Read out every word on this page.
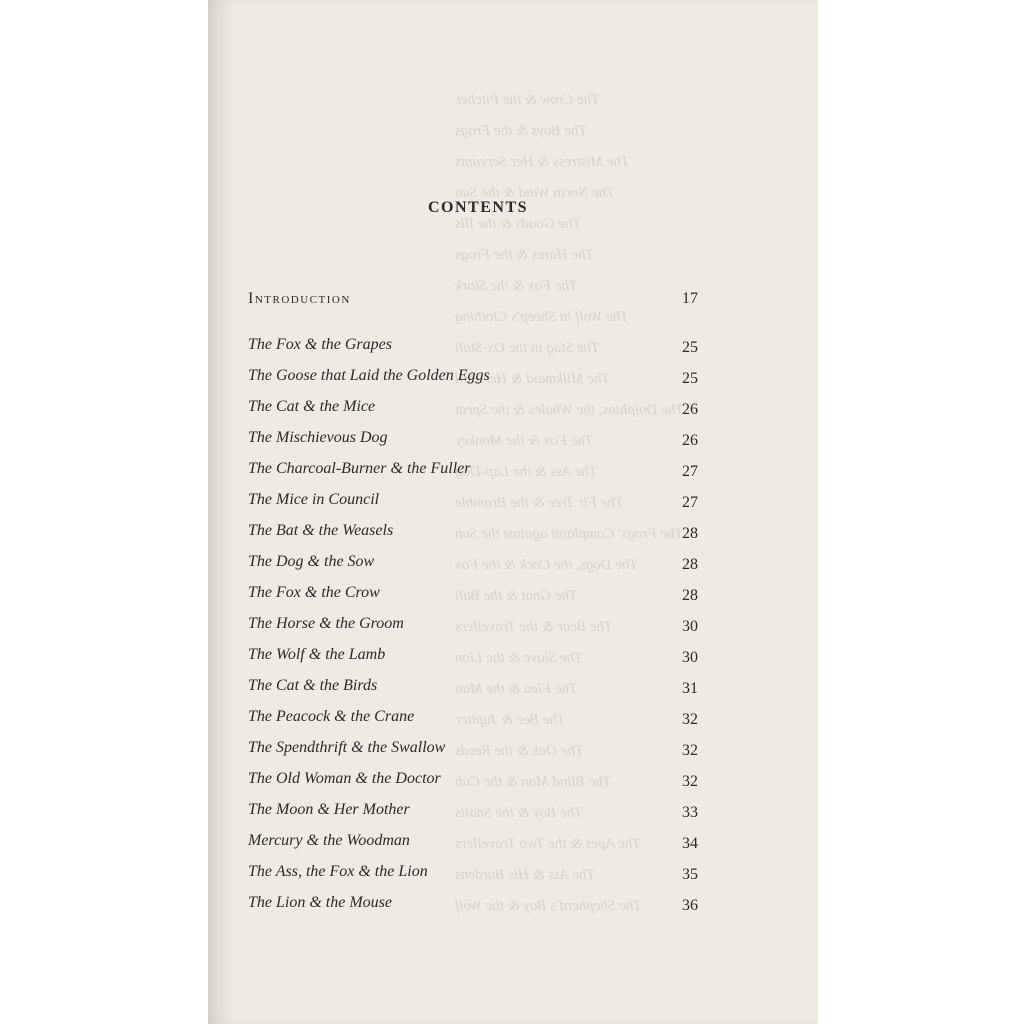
The Crow & the Pitcher
The Boys & the Frogs
The Mistress & Her Servants
The North Wind & the Sun
The Goods & the Ills
The Hares & the Frogs
The Fox & the Stork
The Wolf in Sheep's Clothing
The Stag in the Ox-Stall
The Milkmaid & Her Pail
The Dolphins, the Whales & the Sprat
The Fox & the Monkey
The Ass & the Lap-Dog
The Fir Tree & the Bramble
The Frogs' Complaint against the Sun
The Dogs, the Cock & the Fox
The Gnat & the Bull
The Bear & the Travellers
The Slave & the Lion
The Flea & the Man
The Bee & Jupiter
The Oak & the Reeds
The Blind Man & the Cub
The Boy & the Snails
The Apes & the Two Travellers
The Ass & His Burdens
The Shepherd's Boy & the Wolf
CONTENTS
Introduction	17
The Fox & the Grapes	25
The Goose that Laid the Golden Eggs	25
The Cat & the Mice	26
The Mischievous Dog	26
The Charcoal-Burner & the Fuller	27
The Mice in Council	27
The Bat & the Weasels	28
The Dog & the Sow	28
The Fox & the Crow	28
The Horse & the Groom	30
The Wolf & the Lamb	30
The Cat & the Birds	31
The Peacock & the Crane	32
The Spendthrift & the Swallow	32
The Old Woman & the Doctor	32
The Moon & Her Mother	33
Mercury & the Woodman	34
The Ass, the Fox & the Lion	35
The Lion & the Mouse	36
